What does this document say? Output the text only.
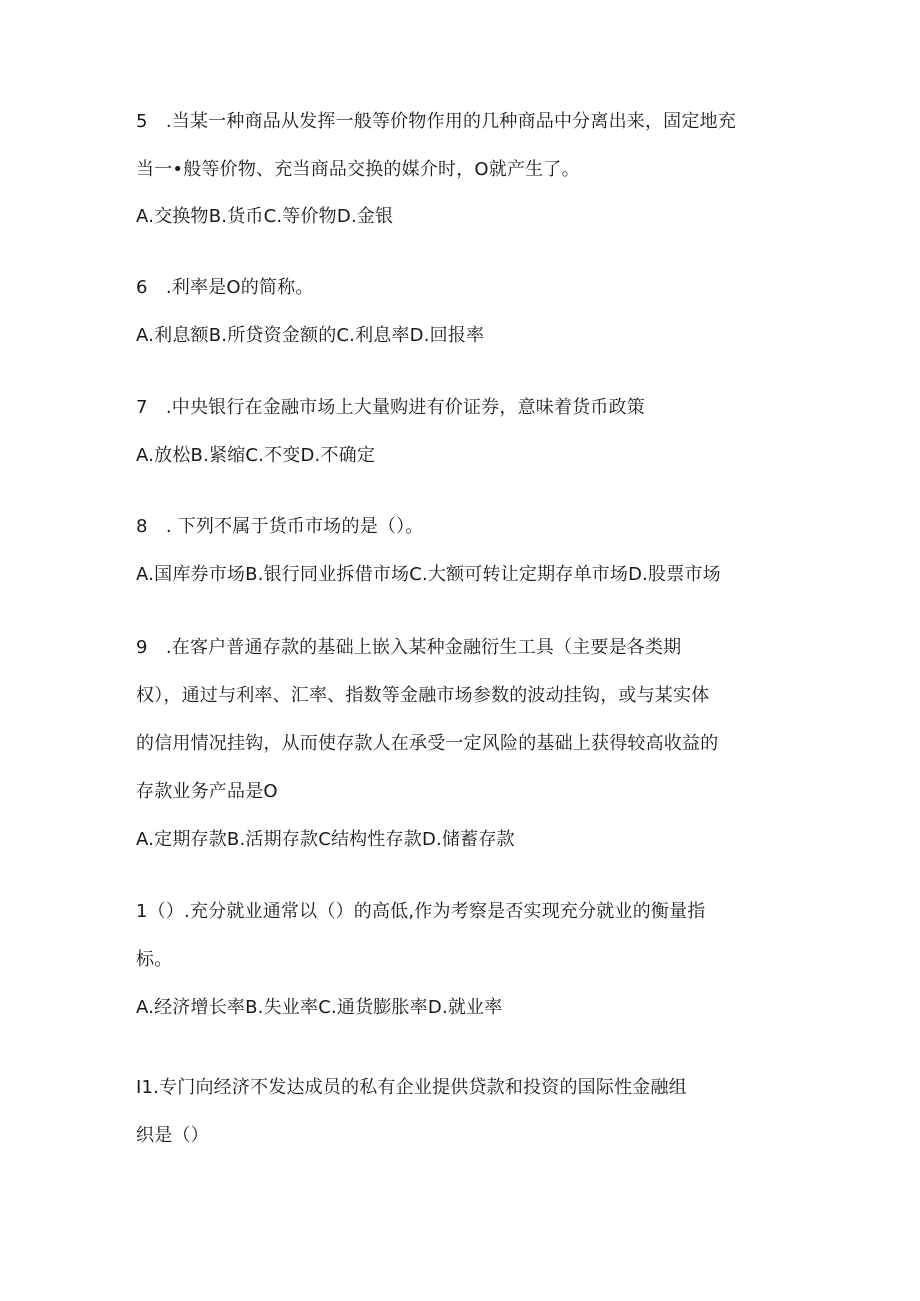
5　.当某一种商品从发挥一般等价物作用的几种商品中分离出来，固定地充
当一•般等价物、充当商品交换的媒介时，O就产生了。
A.交换物B.货币C.等价物D.金银
6　.利率是O的简称。
A.利息额B.所贷资金额的C.利息率D.回报率
7　.中央银行在金融市场上大量购进有价证券，意味着货币政策
A.放松B.紧缩C.不变D.不确定
8　. 下列不属于货币市场的是（）。
A.国库券市场B.银行同业拆借市场C.大额可转让定期存单市场D.股票市场
9　.在客户普通存款的基础上嵌入某种金融衍生工具（主要是各类期
权），通过与利率、汇率、指数等金融市场参数的波动挂钩，或与某实体
的信用情况挂钩，从而使存款人在承受一定风险的基础上获得较高收益的
存款业务产品是O
A.定期存款B.活期存款C结构性存款D.储蓄存款
1（）.充分就业通常以（）的高低,作为考察是否实现充分就业的衡量指
标。
A.经济增长率B.失业率C.通货膨胀率D.就业率
I1.专门向经济不发达成员的私有企业提供贷款和投资的国际性金融组
织是（）
